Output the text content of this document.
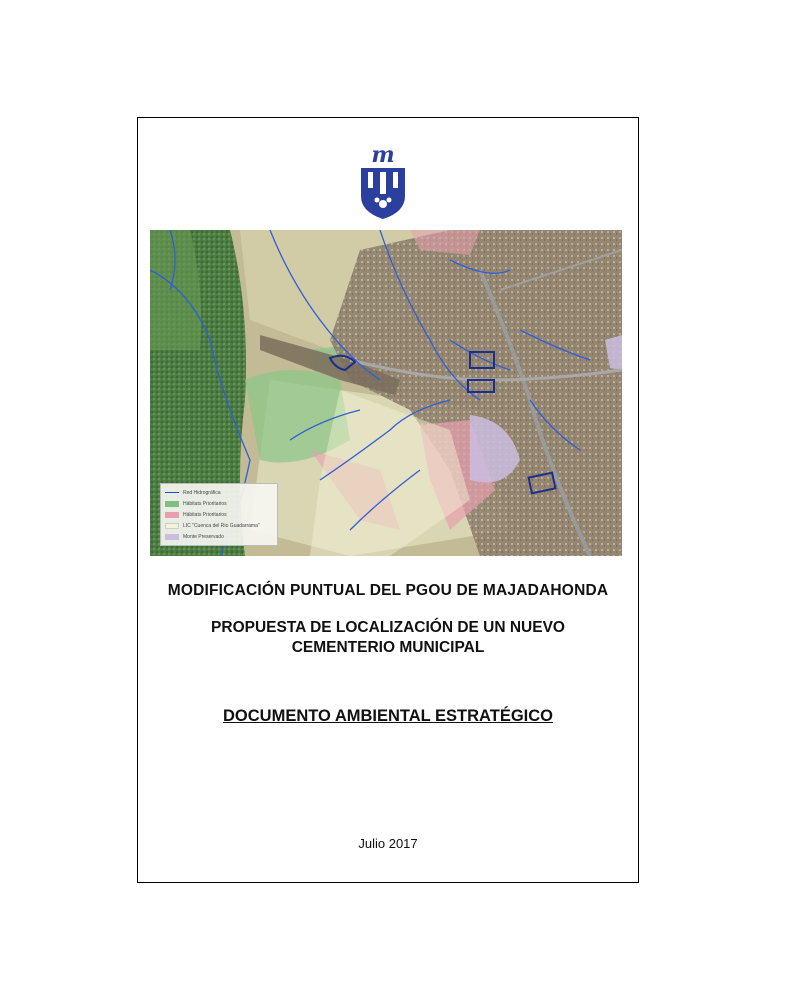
m
Red Hidrográfica
Hábitats Prioritarios
Hábitats Prioritarios
LIC "Cuenca del Río Guadarrama"
Monte Preservado
MODIFICACIÓN PUNTUAL DEL PGOU DE MAJADAHONDA
PROPUESTA DE LOCALIZACIÓN DE UN NUEVO
CEMENTERIO MUNICIPAL
DOCUMENTO AMBIENTAL ESTRATÉGICO
Julio 2017
